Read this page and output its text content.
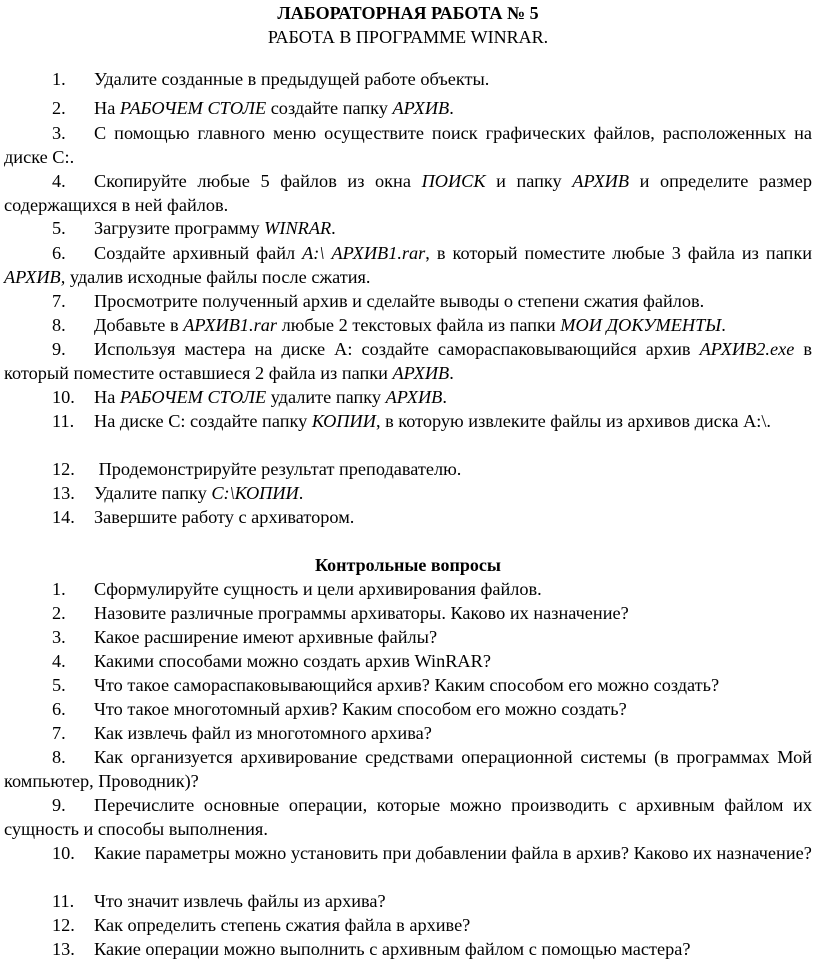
ЛАБОРАТОРНАЯ РАБОТА № 5
РАБОТА В ПРОГРАММЕ WINRAR.
1. Удалите созданные в предыдущей работе объекты.
2. На РАБОЧЕМ СТОЛЕ создайте папку АРХИВ.
3. С помощью главного меню осуществите поиск графических файлов, расположенных на диске С:.
4. Скопируйте любые 5 файлов из окна ПОИСК и папку АРХИВ и определите размер содержащихся в ней файлов.
5. Загрузите программу WINRAR.
6. Создайте архивный файл А:\ АРХИВ1.rar, в который поместите любые 3 файла из папки АРХИВ, удалив исходные файлы после сжатия.
7. Просмотрите полученный архив и сделайте выводы о степени сжатия файлов.
8. Добавьте в АРХИВ1.rar любые 2 текстовых файла из папки МОИ ДОКУМЕНТЫ.
9. Используя мастера на диске А: создайте самораспаковывающийся архив АРХИВ2.exe в который поместите оставшиеся 2 файла из папки АРХИВ.
10. На РАБОЧЕМ СТОЛЕ удалите папку АРХИВ.
11. На диске С: создайте папку КОПИИ, в которую извлеките файлы из архивов диска А:\.
12. Продемонстрируйте результат преподавателю.
13. Удалите папку С:\КОПИИ.
14. Завершите работу с архиватором.
Контрольные вопросы
1. Сформулируйте сущность и цели архивирования файлов.
2. Назовите различные программы архиваторы. Каково их назначение?
3. Какое расширение имеют архивные файлы?
4. Какими способами можно создать архив WinRAR?
5. Что такое самораспаковывающийся архив? Каким способом его можно создать?
6. Что такое многотомный архив? Каким способом его можно создать?
7. Как извлечь файл из многотомного архива?
8. Как организуется архивирование средствами операционной системы (в программах Мой компьютер, Проводник)?
9. Перечислите основные операции, которые можно производить с архивным файлом их сущность и способы выполнения.
10. Какие параметры можно установить при добавлении файла в архив? Каково их назначение?
11. Что значит извлечь файлы из архива?
12. Как определить степень сжатия файла в архиве?
13. Какие операции можно выполнить с архивным файлом с помощью мастера?
